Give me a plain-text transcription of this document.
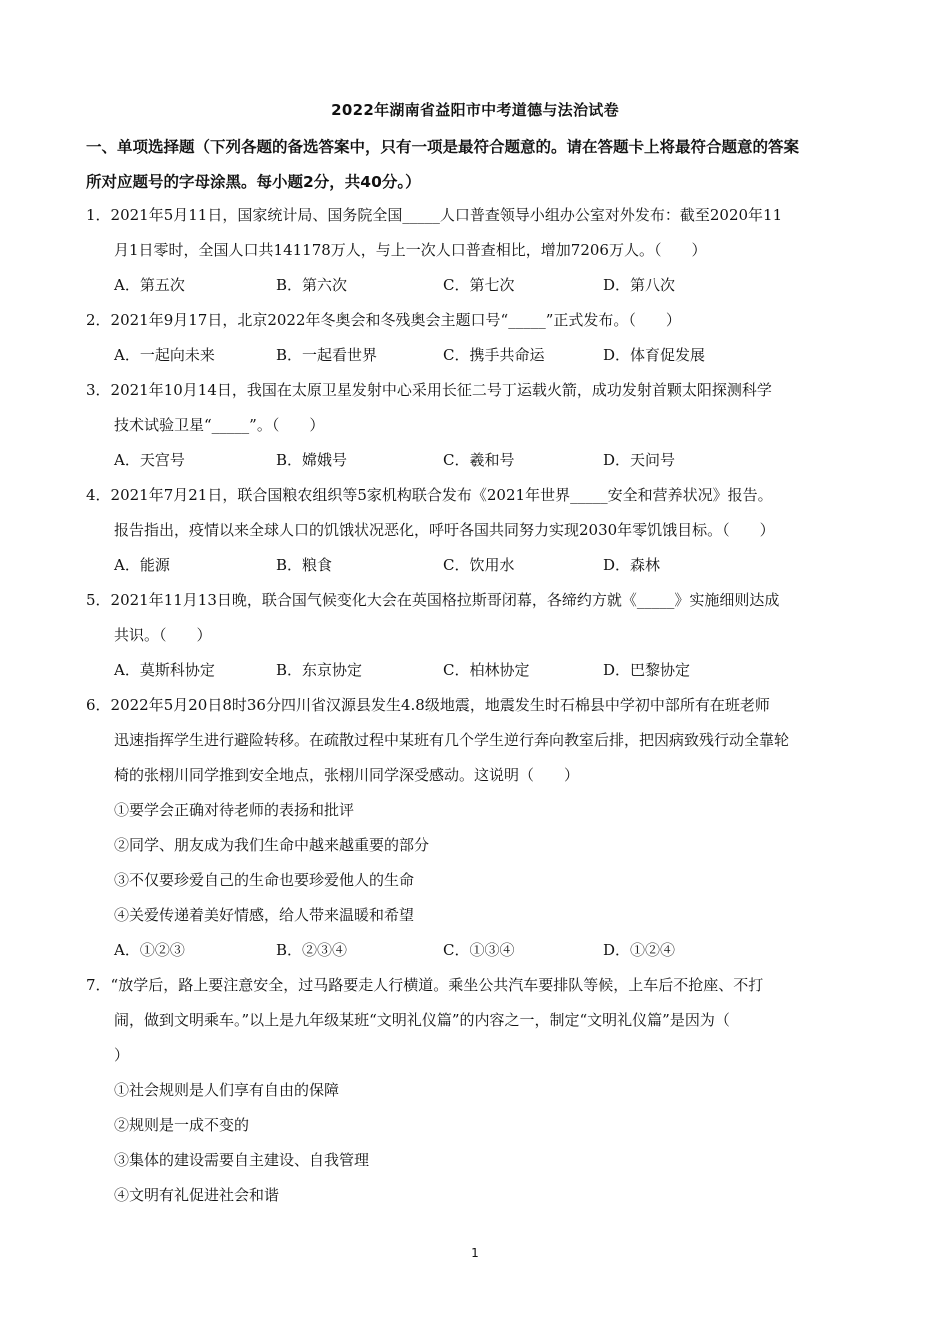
2022年湖南省益阳市中考道德与法治试卷
一、单项选择题（下列各题的备选答案中，只有一项是最符合题意的。请在答题卡上将最符合题意的答案
所对应题号的字母涂黑。每小题2分，共40分。）
1．2021年5月11日，国家统计局、国务院全国_____人口普查领导小组办公室对外发布：截至2020年11
月1日零时，全国人口共141178万人，与上一次人口普查相比，增加7206万人。（　　）
A．第五次	B．第六次	C．第七次	D．第八次
2．2021年9月17日，北京2022年冬奥会和冬残奥会主题口号“_____”正式发布。（　　）
A．一起向未来	B．一起看世界	C．携手共命运	D．体育促发展
3．2021年10月14日，我国在太原卫星发射中心采用长征二号丁运载火箭，成功发射首颗太阳探测科学
技术试验卫星“_____”。（　　）
A．天宫号	B．嫦娥号	C．羲和号	D．天问号
4．2021年7月21日，联合国粮农组织等5家机构联合发布《2021年世界_____安全和营养状况》报告。
报告指出，疫情以来全球人口的饥饿状况恶化，呼吁各国共同努力实现2030年零饥饿目标。（　　）
A．能源	B．粮食	C．饮用水	D．森林
5．2021年11月13日晚，联合国气候变化大会在英国格拉斯哥闭幕，各缔约方就《_____》实施细则达成
共识。（　　）
A．莫斯科协定	B．东京协定	C．柏林协定	D．巴黎协定
6．2022年5月20日8时36分四川省汉源县发生4.8级地震，地震发生时石棉县中学初中部所有在班老师
迅速指挥学生进行避险转移。在疏散过程中某班有几个学生逆行奔向教室后排，把因病致残行动全靠轮
椅的张栩川同学推到安全地点，张栩川同学深受感动。这说明（　　）
①要学会正确对待老师的表扬和批评
②同学、朋友成为我们生命中越来越重要的部分
③不仅要珍爱自己的生命也要珍爱他人的生命
④关爱传递着美好情感，给人带来温暖和希望
A．①②③	B．②③④	C．①③④	D．①②④
7．“放学后，路上要注意安全，过马路要走人行横道。乘坐公共汽车要排队等候，上车后不抢座、不打
闹，做到文明乘车。”以上是九年级某班“文明礼仪篇”的内容之一，制定“文明礼仪篇”是因为（
）
①社会规则是人们享有自由的保障
②规则是一成不变的
③集体的建设需要自主建设、自我管理
④文明有礼促进社会和谐
1
